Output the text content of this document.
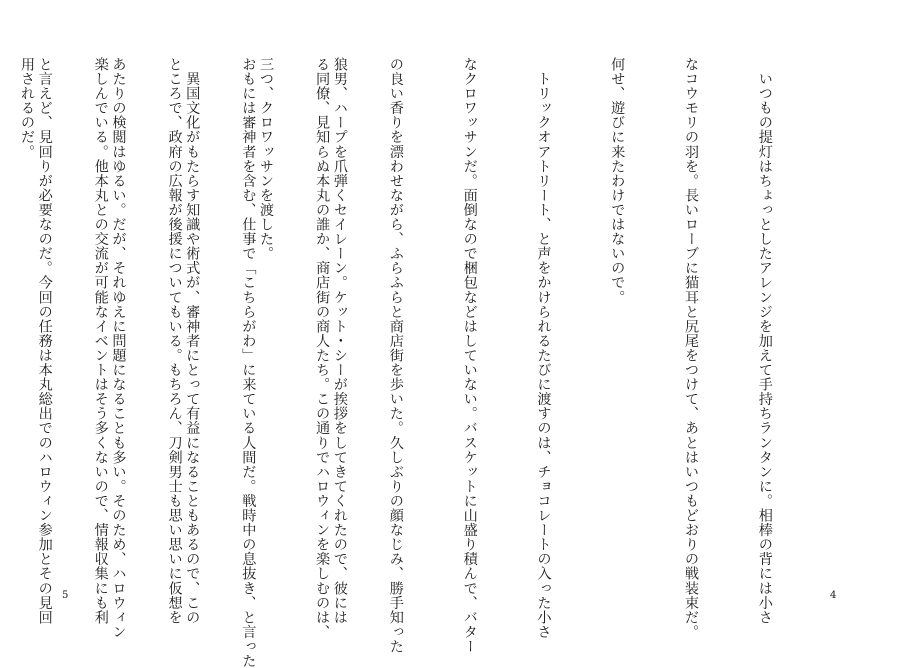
狼男、ハープを爪弾くセイレーン。ケット・シーが挨拶をしてきてくれたので、彼には

三つ、クロワッサンを渡した。

　異国文化がもたらす知識や術式が、審神者にとって有益になることもあるので、この

あたりの検閲はゆるい。だが、それゆえに問題になることも多い。そのため、ハロウィン

と言えど、見回りが必要なのだ。今回の任務は本丸総出でのハロウィン参加とその見回

5

	　いつもの提灯はちょっとしたアレンジを加えて手持ちランタンに。相棒の背には小さ

なコウモリの羽を。長いローブに猫耳と尻尾をつけて、あとはいつもどおりの戦装束だ。

何せ、遊びに来たわけではないので。

　トリックオアトリート、と声をかけられるたびに渡すのは、チョコレートの入った小さ

なクロワッサンだ。面倒なので梱包などはしていない。バスケットに山盛り積んで、バター

の良い香りを漂わせながら、ふらふらと商店街を歩いた。久しぶりの顔なじみ、勝手知った

る同僚、見知らぬ本丸の誰か、商店街の商人たち。この通りでハロウィンを楽しむのは、

おもには審神者を含む、仕事で「こちらがわ」に来ている人間だ。戦時中の息抜き、と言った

ところで、政府の広報が後援についてもいる。もちろん、刀剣男士も思い思いに仮想を

楽しんでいる。他本丸との交流が可能なイベントはそう多くないので、情報収集にも利

用されるのだ。

4
